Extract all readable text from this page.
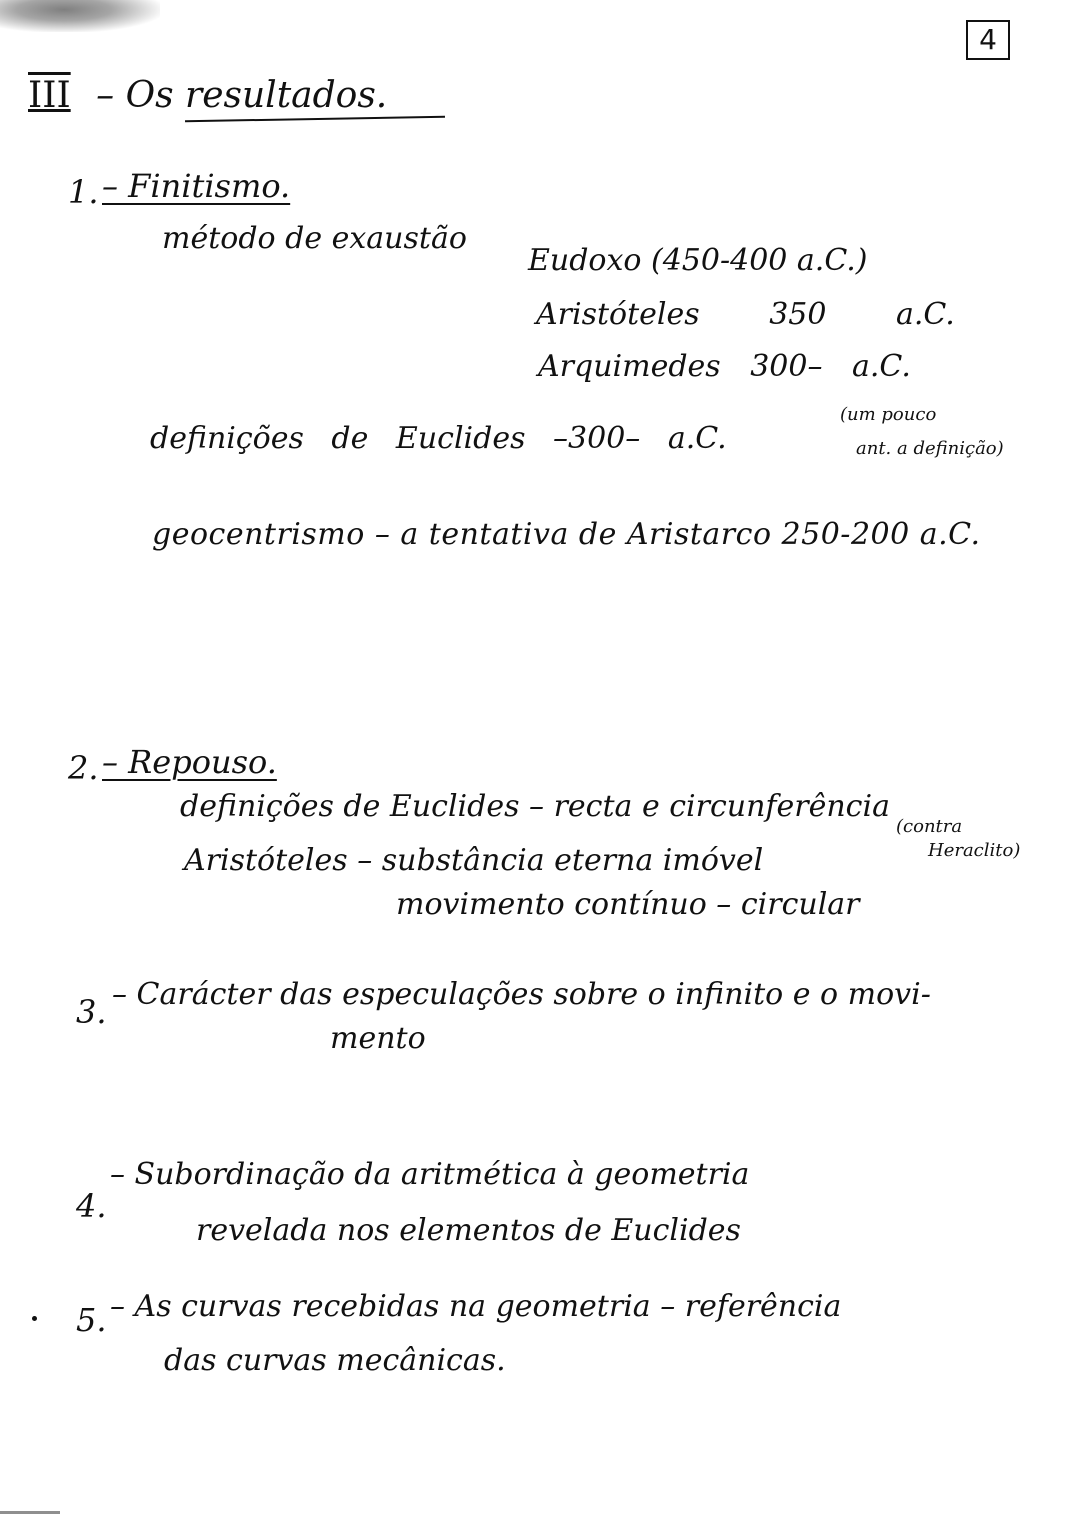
4
III – Os resultados.
1. – Finitismo.
método de exaustão
Eudoxo (450-400 a.C.)
Aristóteles 350 a.C.
Arquimedes 300– a.C.
definições de Euclides –300– a.C.
(um pouco
ant. a definição)
geocentrismo – a tentativa de Aristarco 250-200 a.C.
2. – Repouso.
definições de Euclides – recta e circunferência
Aristóteles – substância eterna imóvel
(contra
Heraclito)
movimento contínuo – circular
3. – Carácter das especulações sobre o infinito e o movi-
mento
4.
– Subordinação da aritmética à geometria
revelada nos elementos de Euclides
5. – As curvas recebidas na geometria – referência
das curvas mecânicas.
